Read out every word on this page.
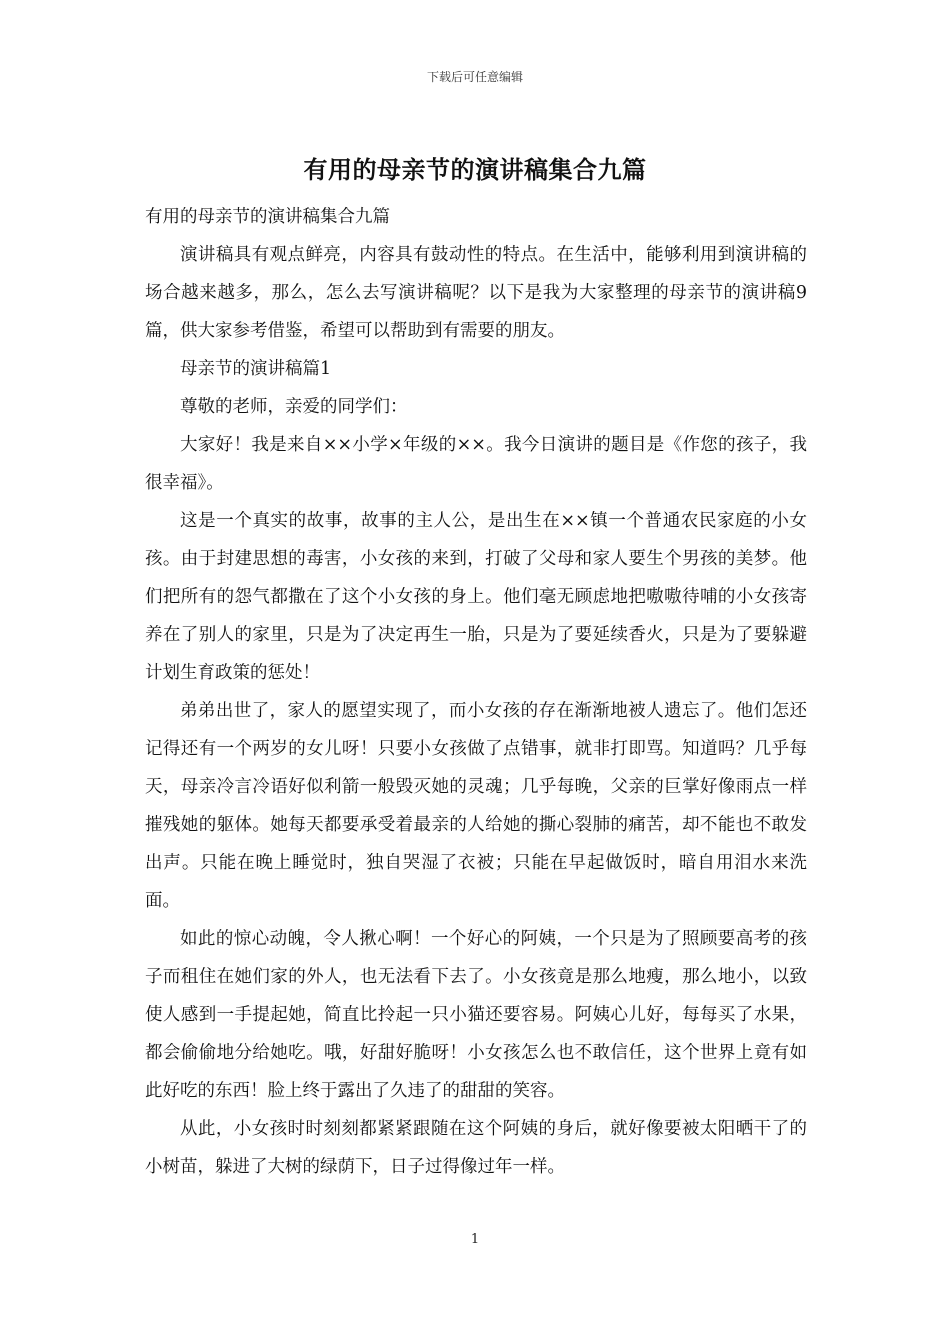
下载后可任意编辑
有用的母亲节的演讲稿集合九篇

有用的母亲节的演讲稿集合九篇

演讲稿具有观点鲜亮，内容具有鼓动性的特点。在生活中，能够利用到演讲稿的场合越来越多，那么，怎么去写演讲稿呢？以下是我为大家整理的母亲节的演讲稿9篇，供大家参考借鉴，希望可以帮助到有需要的朋友。

母亲节的演讲稿篇1

尊敬的老师，亲爱的同学们：

大家好！我是来自××小学×年级的××。我今日演讲的题目是《作您的孩子，我很幸福》。

这是一个真实的故事，故事的主人公，是出生在××镇一个普通农民家庭的小女孩。由于封建思想的毒害，小女孩的来到，打破了父母和家人要生个男孩的美梦。他们把所有的怨气都撒在了这个小女孩的身上。他们毫无顾虑地把嗷嗷待哺的小女孩寄养在了别人的家里，只是为了决定再生一胎，只是为了要延续香火，只是为了要躲避计划生育政策的惩处！

弟弟出世了，家人的愿望实现了，而小女孩的存在渐渐地被人遗忘了。他们怎还记得还有一个两岁的女儿呀！只要小女孩做了点错事，就非打即骂。知道吗？几乎每天，母亲冷言冷语好似利箭一般毁灭她的灵魂；几乎每晚，父亲的巨掌好像雨点一样摧残她的躯体。她每天都要承受着最亲的人给她的撕心裂肺的痛苦，却不能也不敢发出声。只能在晚上睡觉时，独自哭湿了衣被；只能在早起做饭时，暗自用泪水来洗面。

如此的惊心动魄，令人揪心啊！一个好心的阿姨，一个只是为了照顾要高考的孩子而租住在她们家的外人，也无法看下去了。小女孩竟是那么地瘦，那么地小，以致使人感到一手提起她，简直比拎起一只小猫还要容易。阿姨心儿好，每每买了水果，都会偷偷地分给她吃。哦，好甜好脆呀！小女孩怎么也不敢信任，这个世界上竟有如此好吃的东西！脸上终于露出了久违了的甜甜的笑容。

从此，小女孩时时刻刻都紧紧跟随在这个阿姨的身后，就好像要被太阳晒干了的小树苗，躲进了大树的绿荫下，日子过得像过年一样。

1
